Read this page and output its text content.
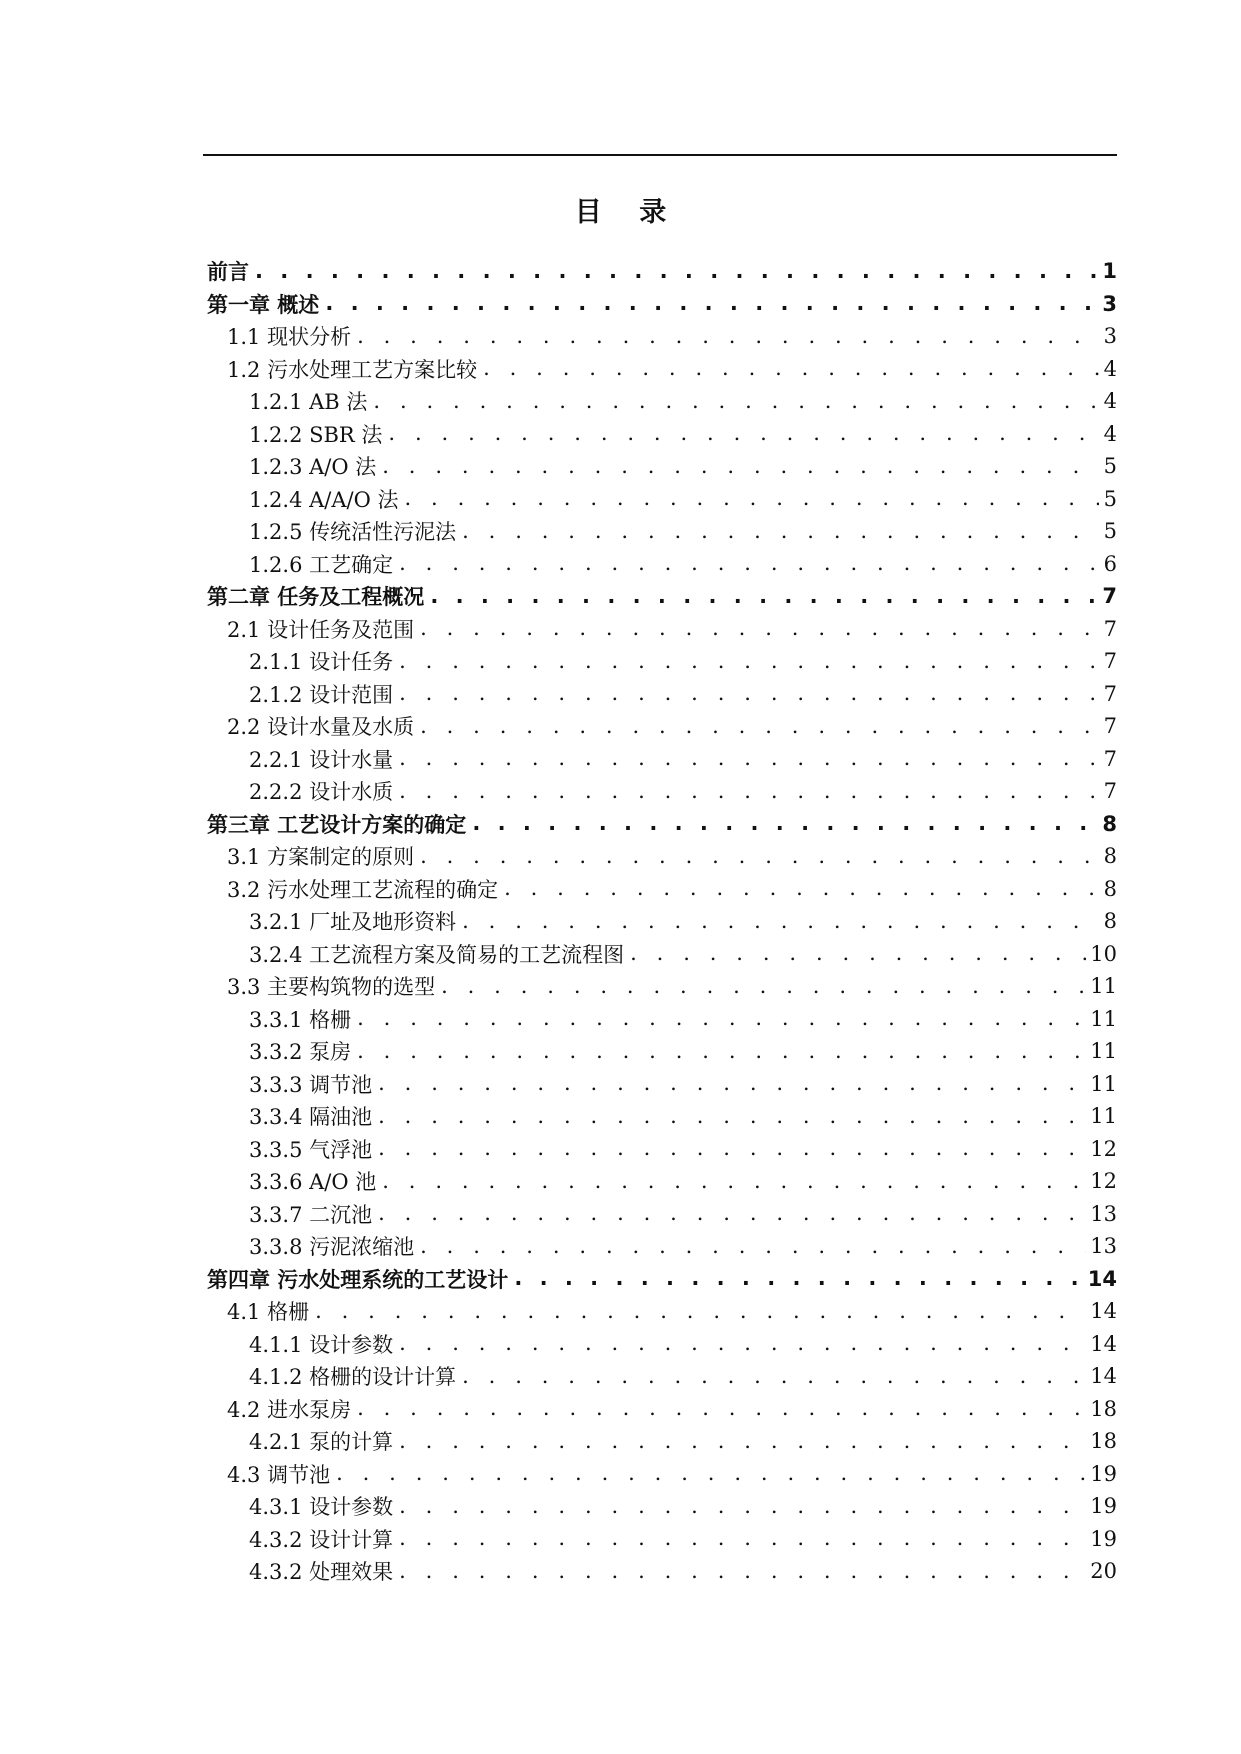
目 录
前言 . . .	1
第一章 概述 . . .	3
1.1 现状分析 . . .	3
1.2 污水处理工艺方案比较 . . .	4
1.2.1 AB 法 . . .	4
1.2.2 SBR 法 . . .	4
1.2.3 A/O 法 . . .	5
1.2.4 A/A/O 法 . . .	5
1.2.5 传统活性污泥法 . . .	5
1.2.6 工艺确定 . . .	6
第二章 任务及工程概况 . . .	7
2.1 设计任务及范围 . . .	7
2.1.1 设计任务 . . .	7
2.1.2 设计范围 . . .	7
2.2 设计水量及水质 . . .	7
2.2.1 设计水量 . . .	7
2.2.2 设计水质 . . .	7
第三章 工艺设计方案的确定 . . .	8
3.1 方案制定的原则 . . .	8
3.2 污水处理工艺流程的确定 . . .	8
3.2.1 厂址及地形资料 . . .	8
3.2.4 工艺流程方案及简易的工艺流程图 . . .	10
3.3 主要构筑物的选型 . . .	11
3.3.1 格栅 . . .	11
3.3.2 泵房 . . .	11
3.3.3 调节池 . . .	11
3.3.4 隔油池 . . .	11
3.3.5 气浮池 . . .	12
3.3.6 A/O 池 . . .	12
3.3.7 二沉池 . . .	13
3.3.8 污泥浓缩池 . . .	13
第四章 污水处理系统的工艺设计 . . .	14
4.1 格栅 . . .	14
4.1.1 设计参数 . . .	14
4.1.2 格栅的设计计算 . . .	14
4.2 进水泵房 . . .	18
4.2.1 泵的计算 . . .	18
4.3 调节池 . . .	19
4.3.1 设计参数 . . .	19
4.3.2 设计计算 . . .	19
4.3.2 处理效果 . . .	20
